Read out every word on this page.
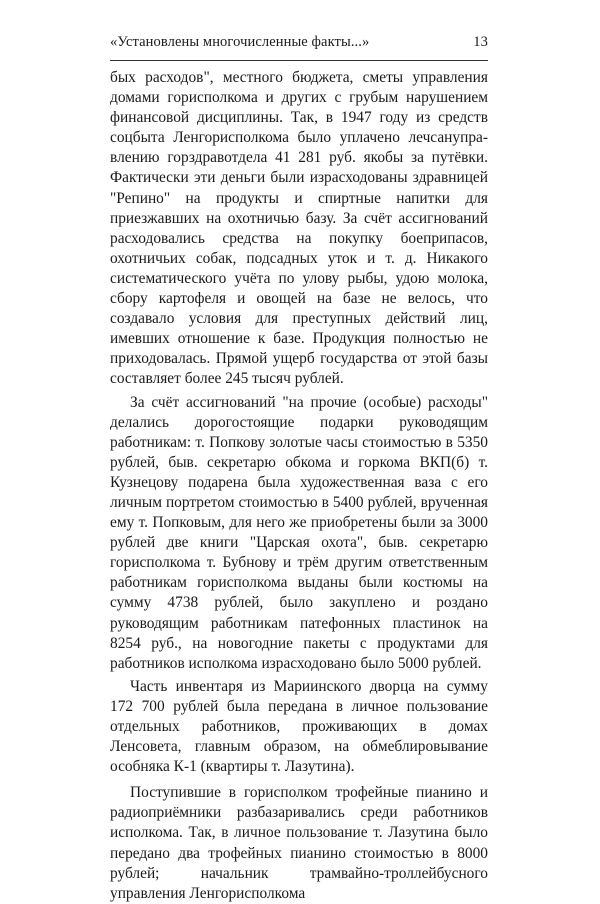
«Установлены многочисленные факты...»	13

бых расходов", местного бюджета, сметы управления домами горисполкома и других с грубым нарушением финансовой дисциплины. Так, в 1947 году из средств соцбыта Ленгорисполкома было уплачено лечсануправлению горздравотдела 41 281 руб. якобы за путёвки. Фактически эти деньги были израсходованы здравницей "Репино" на продукты и спиртные напитки для приезжавших на охотничью базу. За счёт ассигнований расходовались средства на покупку боеприпасов, охотничьих собак, подсадных уток и т. д. Никакого систематического учёта по улову рыбы, удою молока, сбору картофеля и овощей на базе не велось, что создавало условия для преступных действий лиц, имевших отношение к базе. Продукция полностью не приходовалась. Прямой ущерб государства от этой базы составляет более 245 тысяч рублей.

За счёт ассигнований "на прочие (особые) расходы" делались дорогостоящие подарки руководящим работникам: т. Попкову золотые часы стоимостью в 5350 рублей, быв. секретарю обкома и горкома ВКП(б) т. Кузнецову подарена была художественная ваза с его личным портретом стоимостью в 5400 рублей, врученная ему т. Попковым, для него же приобретены были за 3000 рублей две книги "Царская охота", быв. секретарю горисполкома т. Бубнову и трём другим ответственным работникам горисполкома выданы были костюмы на сумму 4738 рублей, было закуплено и роздано руководящим работникам патефонных пластинок на 8254 руб., на новогодние пакеты с продуктами для работников исполкома израсходовано было 5000 рублей.

Часть инвентаря из Мариинского дворца на сумму 172 700 рублей была передана в личное пользование отдельных работников, проживающих в домах Ленсовета, главным образом, на обмеблировывание особняка К-1 (квартиры т. Лазутина).

Поступившие в горисполком трофейные пианино и радиоприёмники разбазаривались среди работников исполкома. Так, в личное пользование т. Лазутина было передано два трофейных пианино стоимостью в 8000 рублей; начальник трамвайно-троллейбусного управления Ленгорисполкома
